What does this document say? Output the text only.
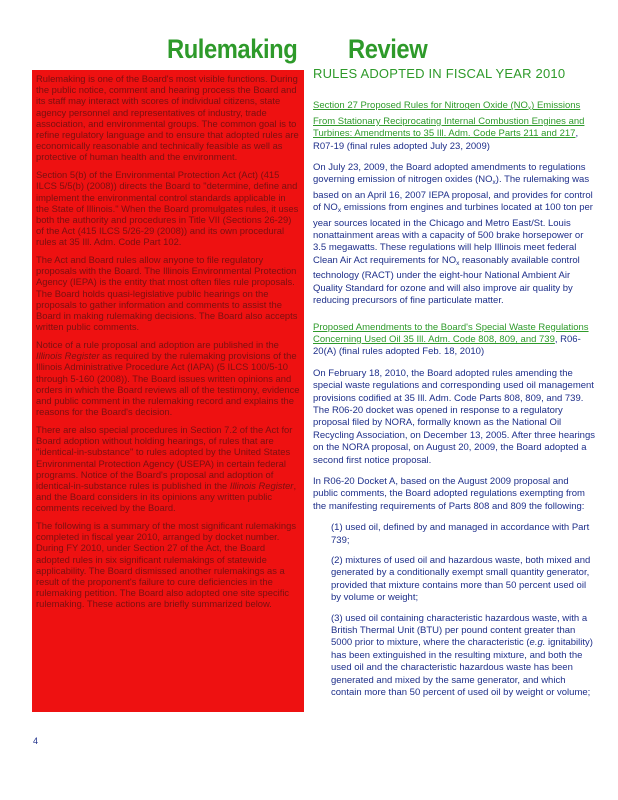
Rulemaking Review

Rulemaking is one of the Board's most visible functions. During the public notice, comment and hearing process the Board and its staff may interact with scores of individual citizens, state agency personnel and representatives of industry, trade association, and environmental groups. The common goal is to refine regulatory language and to ensure that adopted rules are economically reasonable and technically feasible as well as protective of human health and the environment.

Section 5(b) of the Environmental Protection Act (Act) (415 ILCS 5/5(b) (2008)) directs the Board to "determine, define and implement the environmental control standards applicable in the State of Illinois." When the Board promulgates rules, it uses both the authority and procedures in Title VII (Sections 26-29) of the Act (415 ILCS 5/26-29 (2008)) and its own procedural rules at 35 Ill. Adm. Code Part 102.

The Act and Board rules allow anyone to file regulatory proposals with the Board. The Illinois Environmental Protection Agency (IEPA) is the entity that most often files rule proposals. The Board holds quasi-legislative public hearings on the proposals to gather information and comments to assist the Board in making rulemaking decisions. The Board also accepts written public comments.

Notice of a rule proposal and adoption are published in the Illinois Register as required by the rulemaking provisions of the Illinois Administrative Procedure Act (IAPA) (5 ILCS 100/5-10 through 5-160 (2008)). The Board issues written opinions and orders in which the Board reviews all of the testimony, evidence and public comment in the rulemaking record and explains the reasons for the Board's decision.

There are also special procedures in Section 7.2 of the Act for Board adoption without holding hearings, of rules that are "identical-in-substance" to rules adopted by the United States Environmental Protection Agency (USEPA) in certain federal programs. Notice of the Board's proposal and adoption of identical-in-substance rules is published in the Illinois Register, and the Board considers in its opinions any written public comments received by the Board.

The following is a summary of the most significant rulemakings completed in fiscal year 2010, arranged by docket number. During FY 2010, under Section 27 of the Act, the Board adopted rules in six significant rulemakings of statewide applicability. The Board dismissed another rulemakings as a result of the proponent's failure to cure deficiencies in the rulemaking petition. The Board also adopted one site specific rulemaking. These actions are briefly summarized below.

RULES ADOPTED IN FISCAL YEAR 2010
Section 27 Proposed Rules for Nitrogen Oxide $(NO_x)$ Emissions From Stationary Reciprocating Internal Combustion Engines and Turbines: Amendments to 35 Ill. Adm. Code Parts 211 and 217, R07-19 (final rules adopted July 23, 2009)

On July 23, 2009, the Board adopted amendments to regulations governing emission of nitrogen oxides $(NO_x)$. The rulemaking was based on an April 16, 2007 IEPA proposal, and provides for control of $NO_x$ emissions from engines and turbines located at 100 ton per year sources located in the Chicago and Metro East/St. Louis nonattainment areas with a capacity of 500 brake horsepower or 3.5 megawatts. These regulations will help Illinois meet federal Clean Air Act requirements for $NO_x$ reasonably available control technology (RACT) under the eight-hour National Ambient Air Quality Standard for ozone and will also improve air quality by reducing precursors of fine particulate matter.

Proposed Amendments to the Board's Special Waste Regulations Concerning Used Oil 35 Ill. Adm. Code 808, 809, and 739, R06-20(A) (final rules adopted Feb. 18, 2010)

On February 18, 2010, the Board adopted rules amending the special waste regulations and corresponding used oil management provisions codified at 35 Ill. Adm. Code Parts 808, 809, and 739. The R06-20 docket was opened in response to a regulatory proposal filed by NORA, formally known as the National Oil Recycling Association, on December 13, 2005. After three hearings on the NORA proposal, on August 20, 2009, the Board adopted a second first notice proposal.

In R06-20 Docket A, based on the August 2009 proposal and public comments, the Board adopted regulations exempting from the manifesting requirements of Parts 808 and 809 the following:

(1) used oil, defined by and managed in accordance with Part 739;

(2) mixtures of used oil and hazardous waste, both mixed and generated by a conditionally exempt small quantity generator, provided that mixture contains more than 50 percent used oil by volume or weight;

(3) used oil containing characteristic hazardous waste, with a British Thermal Unit (BTU) per pound content greater than 5000 prior to mixture, where the characteristic (e.g. ignitability) has been extinguished in the resulting mixture, and both the used oil and the characteristic hazardous waste has been generated and mixed by the same generator, and which contain more than 50 percent of used oil by weight or volume;

4
